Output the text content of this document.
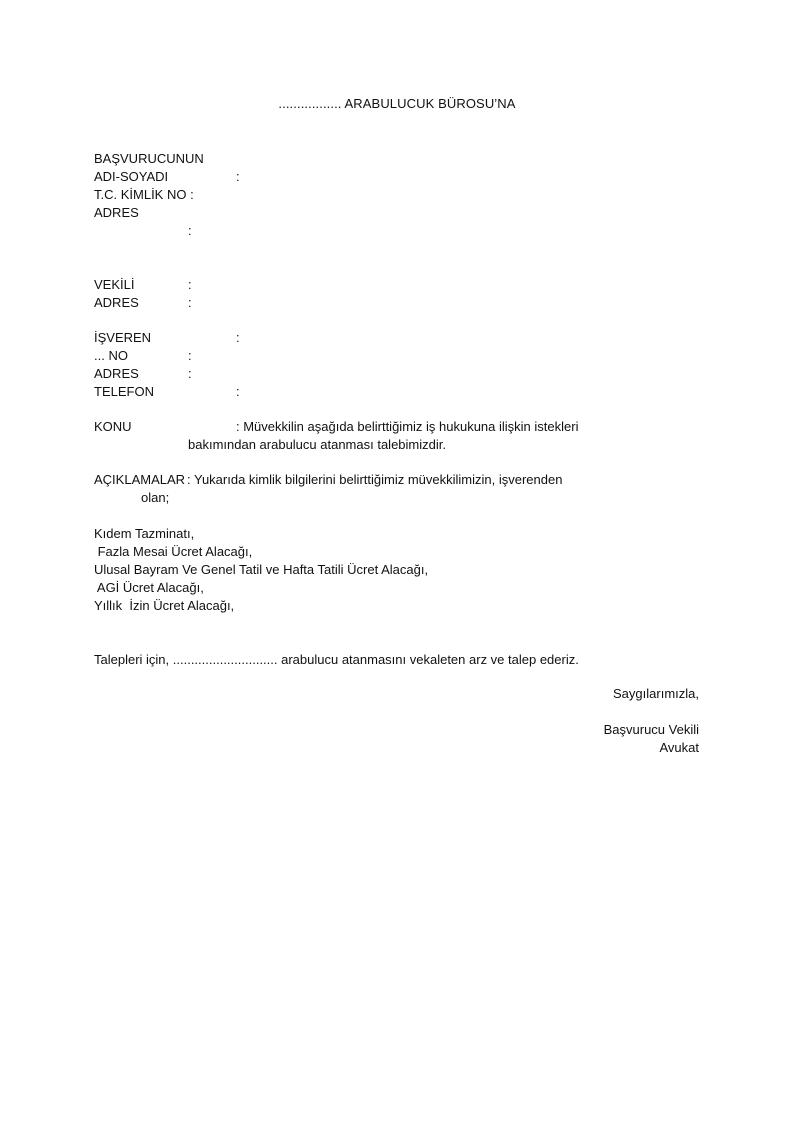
................. ARABULUCUK BÜROSU’NA
BAŞVURUCUNUN
ADI-SOYADI	:
T.C. KİMLİK NO :
ADRES
:
VEKİLİ	:
ADRES	:
İŞVEREN	:
... NO	:
ADRES	:
TELEFON	:
KONU	: Müvekkilin aşağıda belirttiğimiz iş hukukuna ilişkin istekleri
bakımından arabulucu atanması talebimizdir.
AÇIKLAMALAR : Yukarıda kimlik bilgilerini belirttiğimiz müvekkilimizin, işverenden
olan;
Kıdem Tazminatı,
Fazla Mesai Ücret Alacağı,
Ulusal Bayram Ve Genel Tatil ve Hafta Tatili Ücret Alacağı,
AGİ Ücret Alacağı,
Yıllık  İzin Ücret Alacağı,
Talepleri için, ............................. arabulucu atanmasını vekaleten arz ve talep ederiz.
Saygılarımızla,
Başvurucu Vekili
Avukat
